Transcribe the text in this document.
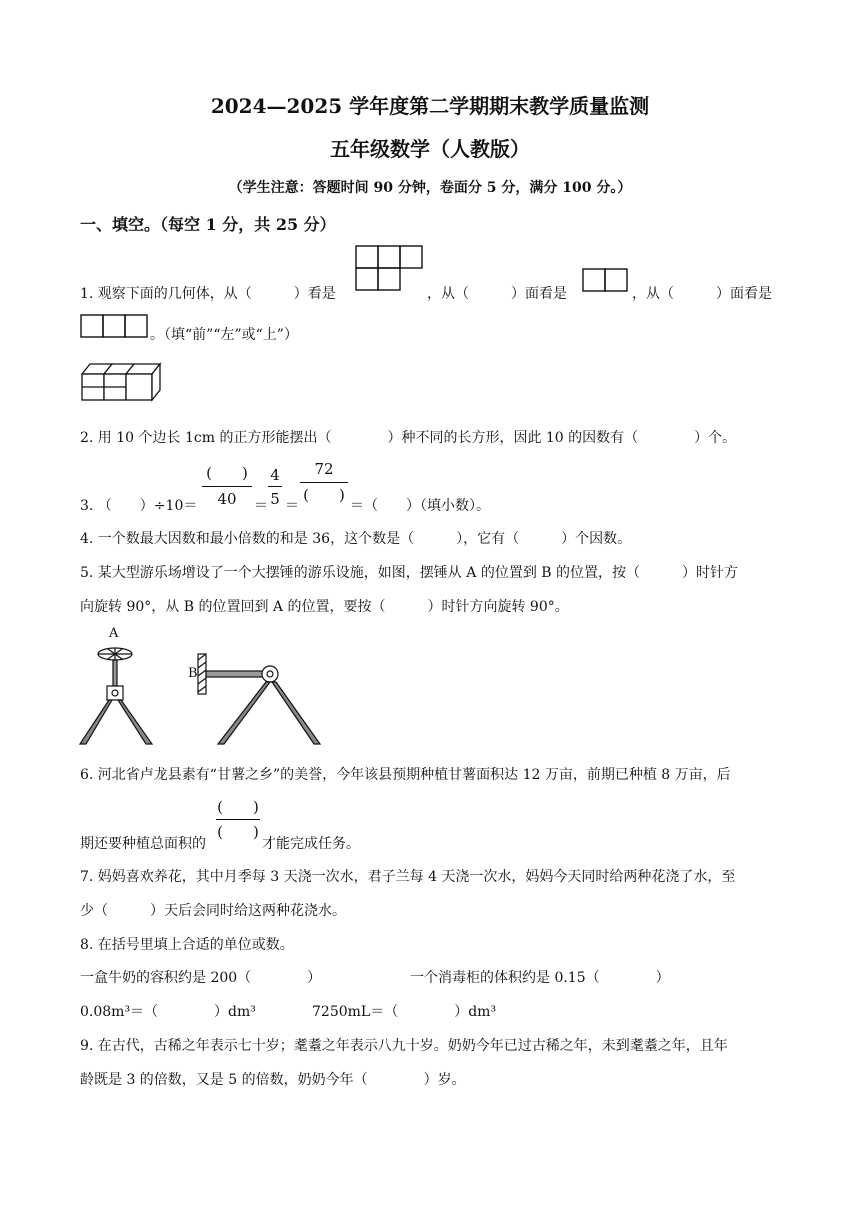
2024—2025 学年度第二学期期末教学质量监测
五年级数学（人教版）
（学生注意：答题时间 90 分钟，卷面分 5 分，满分 100 分。）
一、填空。（每空 1 分，共 25 分）
1. 观察下面的几何体，从（　　　）看是	，从（　　　）面看是	，从（　　　）面看是
。（填“前”“左”或“上”）
2. 用 10 个边长 1cm 的正方形能摆出（　　　　）种不同的长方形，因此 10 的因数有（　　　　）个。
3. （　　）÷10＝
(　　)
40	＝
4
5 ＝
72
(　　)
＝（　　）（填小数）。
4. 一个数最大因数和最小倍数的和是 36，这个数是（　　　），它有（　　　）个因数。
5. 某大型游乐场增设了一个大摆锤的游乐设施，如图，摆锤从 A 的位置到 B 的位置，按（　　　）时针方
向旋转 90°，从 B 的位置回到 A 的位置，要按（　　　）时针方向旋转 90°。
A
B
6. 河北省卢龙县素有“甘薯之乡”的美誉，今年该县预期种植甘薯面积达 12 万亩，前期已种植 8 万亩，后
期还要种植总面积的
(　　)
(　　)
才能完成任务。
7. 妈妈喜欢养花，其中月季每 3 天浇一次水，君子兰每 4 天浇一次水，妈妈今天同时给两种花浇了水，至
少（　　　）天后会同时给这两种花浇水。
8. 在括号里填上合适的单位或数。
一盒牛奶的容积约是 200（　　　　）	一个消毒柜的体积约是 0.15（　　　　）
0.08m³＝（　　　　）dm³	7250mL＝（　　　　）dm³
9. 在古代，古稀之年表示七十岁；耄耋之年表示八九十岁。奶奶今年已过古稀之年，未到耄耋之年，且年
龄既是 3 的倍数，又是 5 的倍数，奶奶今年（　　　　）岁。
